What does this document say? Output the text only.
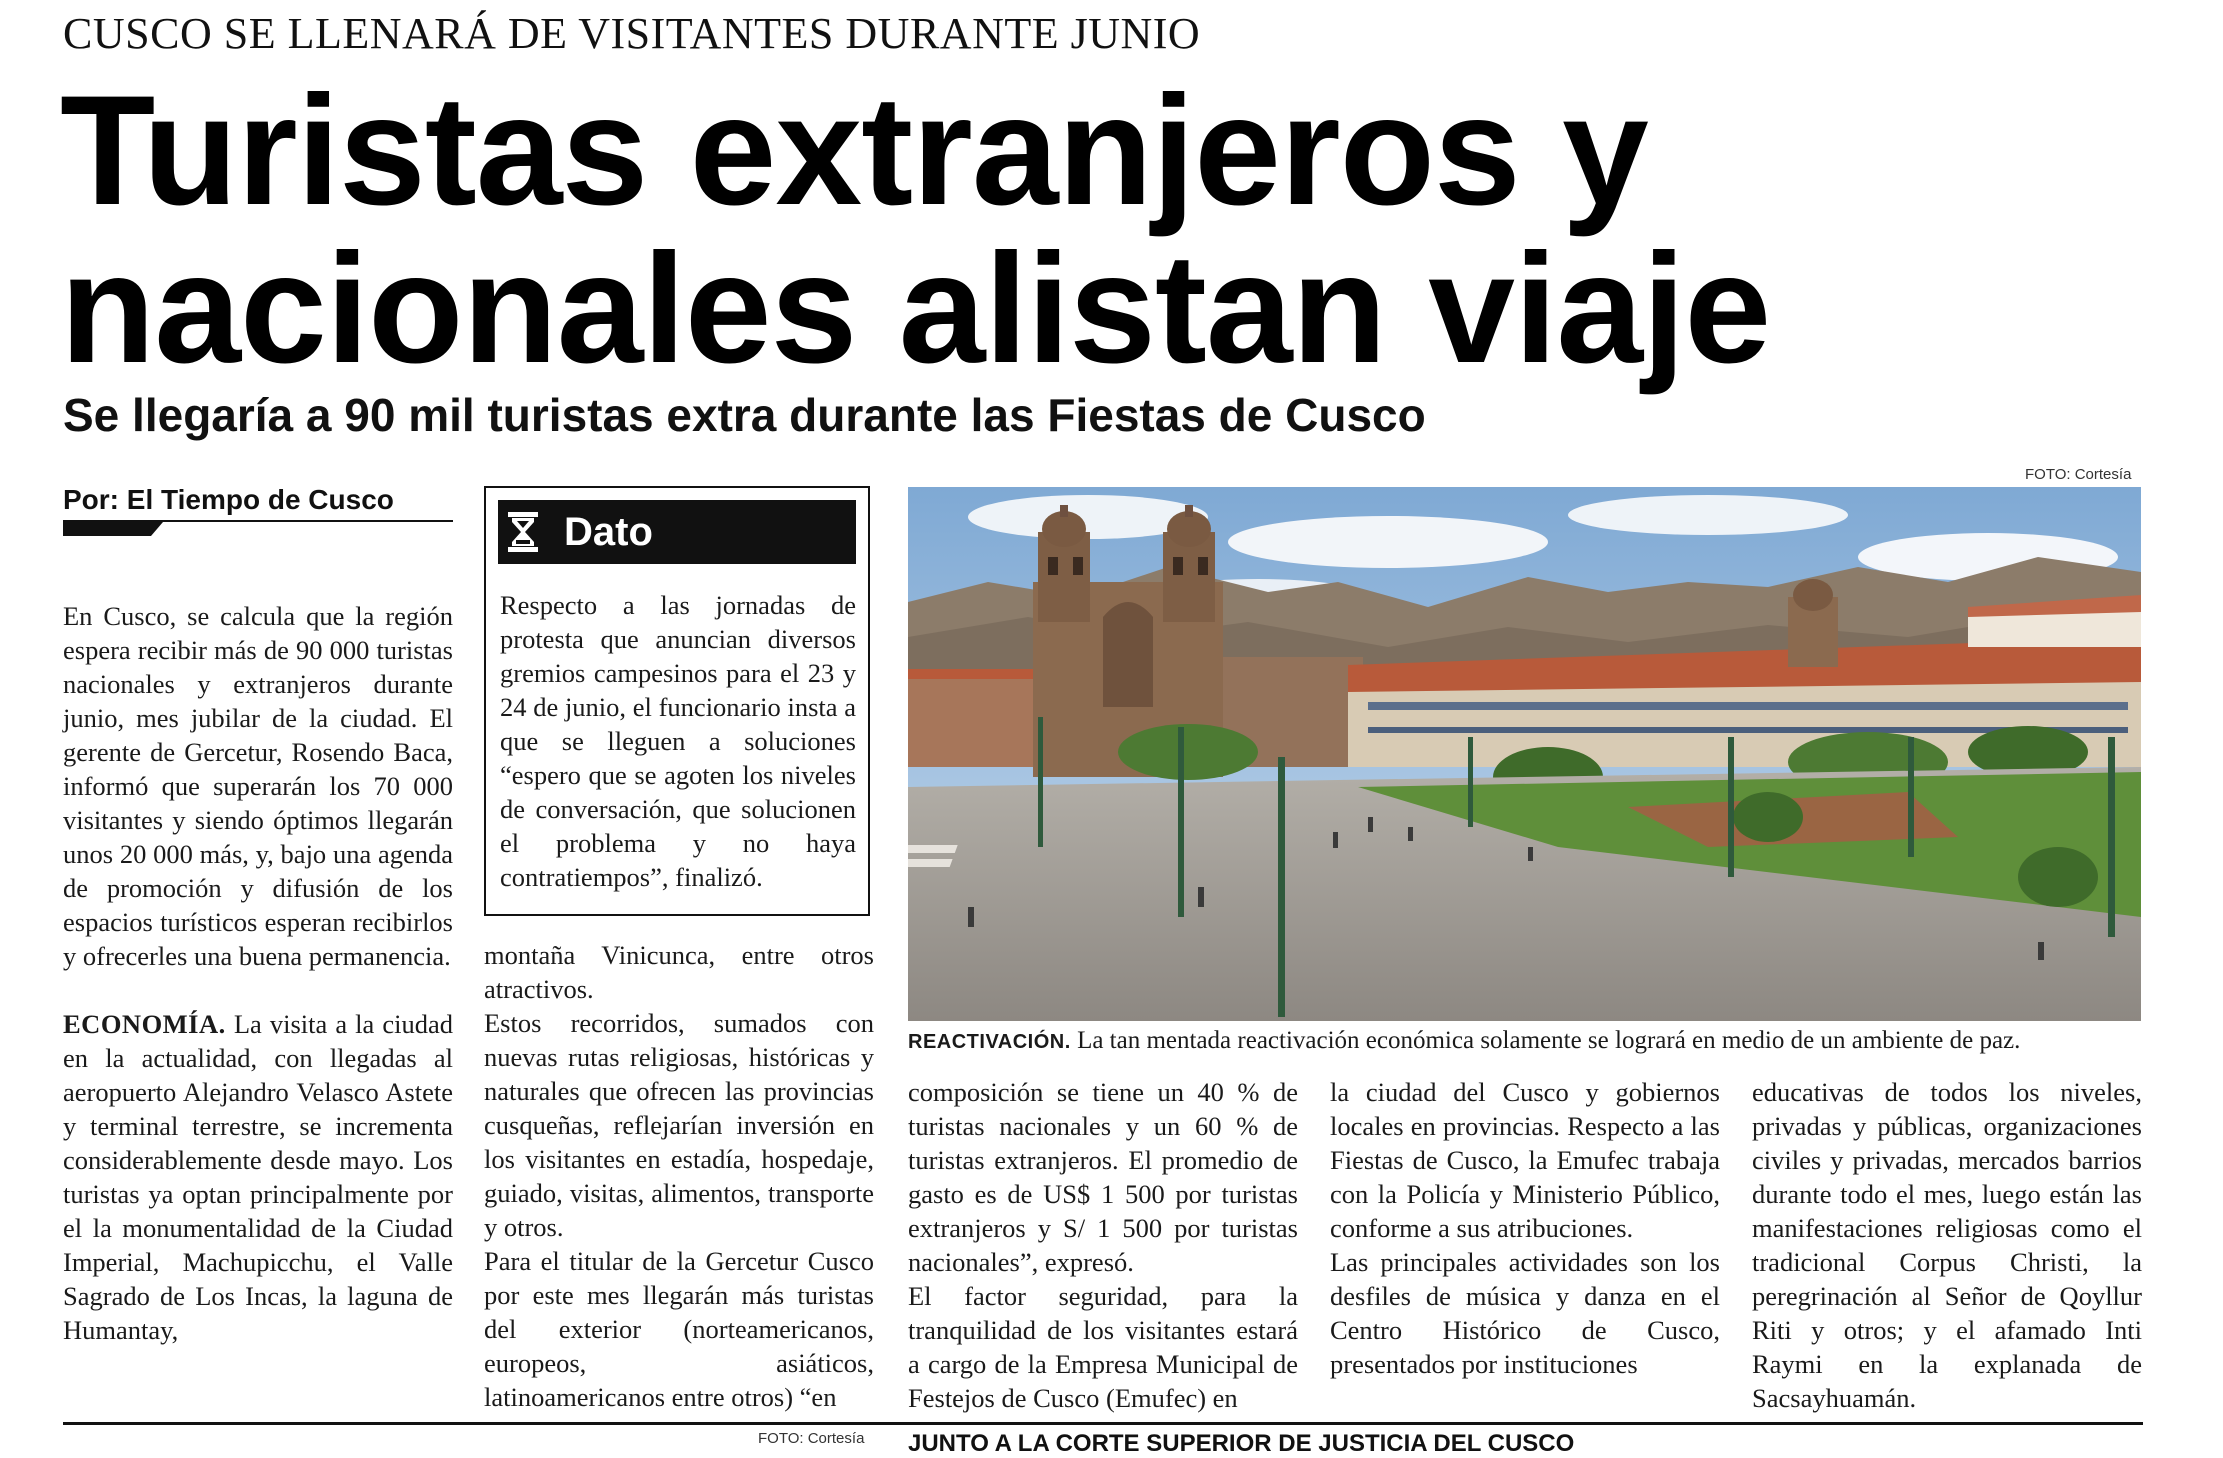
CUSCO SE LLENARÁ DE VISITANTES DURANTE JUNIO
Turistas extranjeros y
nacionales alistan viaje
Se llegaría a 90 mil turistas extra durante las Fiestas de Cusco
Por: El Tiempo de Cusco

En Cusco, se calcula que la región espera recibir más de 90 000 turistas nacionales y extranjeros durante junio, mes jubilar de la ciudad. El gerente de Gercetur, Rosendo Baca, informó que superarán los 70 000 visitantes y siendo óptimos llegarán unos 20 000 más, y, bajo una agenda de promoción y difusión de los espacios turísticos esperan recibirlos y ofrecerles una buena permanencia.

ECONOMÍA. La visita a la ciudad en la actualidad, con llegadas al aeropuerto Alejandro Velasco Astete y terminal terrestre, se incrementa considerablemente desde mayo. Los turistas ya optan principalmente por el la monumentalidad de la Ciudad Imperial, Machupicchu, el Valle Sagrado de Los Incas, la laguna de Humantay,

Dato
Respecto a las jornadas de protesta que anuncian diversos gremios campesinos para el 23 y 24 de junio, el funcionario insta a que se lleguen a soluciones “espero que se agoten los niveles de conversación, que solucionen el problema y no haya contratiempos”, finalizó.

montaña Vinicunca, entre otros atractivos.

Estos recorridos, sumados con nuevas rutas religiosas, históricas y naturales que ofrecen las provincias cusqueñas, reflejarían inversión en los visitantes en estadía, hospedaje, guiado, visitas, alimentos, transporte y otros.

Para el titular de la Gercetur Cusco por este mes llegarán más turistas del exterior (norteamericanos, europeos, asiáticos, latinoamericanos entre otros) “en

FOTO: Cortesía
REACTIVACIÓN. La tan mentada reactivación económica solamente se logrará en medio de un ambiente de paz.

composición se tiene un 40 % de turistas nacionales y un 60 % de turistas extranjeros. El promedio de gasto es de US$ 1 500 por turistas extranjeros y S/ 1 500 por turistas nacionales”, expresó.

El factor seguridad, para la tranquilidad de los visitantes estará a cargo de la Empresa Municipal de Festejos de Cusco (Emufec) en

la ciudad del Cusco y gobiernos locales en provincias. Respecto a las Fiestas de Cusco, la Emufec trabaja con la Policía y Ministerio Público, conforme a sus atribuciones.

Las principales actividades son los desfiles de música y danza en el Centro Histórico de Cusco, presentados por instituciones

educativas de todos los niveles, privadas y públicas, organizaciones civiles y privadas, mercados barrios durante todo el mes, luego están las manifestaciones religiosas como el tradicional Corpus Christi, la peregrinación al Señor de Qoyllur Riti y otros; y el afamado Inti Raymi en la explanada de Sacsayhuamán.

FOTO: Cortesía JUNTO A LA CORTE SUPERIOR DE JUSTICIA DEL CUSCO
